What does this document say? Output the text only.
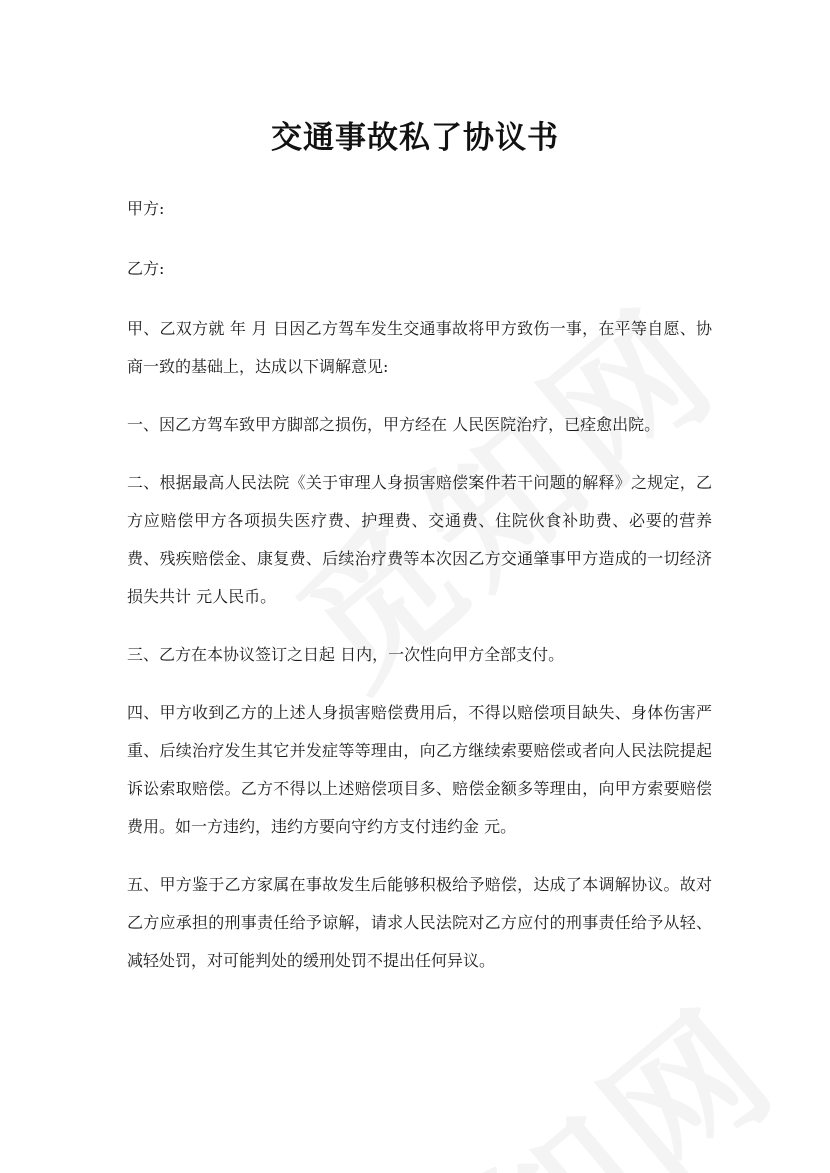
交通事故私了协议书

甲方:

乙方:

甲、乙双方就 年 月 日因乙方驾车发生交通事故将甲方致伤一事，在平等自愿、协商一致的基础上，达成以下调解意见:

一、因乙方驾车致甲方脚部之损伤，甲方经在 人民医院治疗，已痊愈出院。

二、根据最高人民法院《关于审理人身损害赔偿案件若干问题的解释》之规定，乙方应赔偿甲方各项损失医疗费、护理费、交通费、住院伙食补助费、必要的营养费、残疾赔偿金、康复费、后续治疗费等本次因乙方交通肇事甲方造成的一切经济损失共计 元人民币。

三、乙方在本协议签订之日起 日内，一次性向甲方全部支付。

四、甲方收到乙方的上述人身损害赔偿费用后，不得以赔偿项目缺失、身体伤害严重、后续治疗发生其它并发症等等理由，向乙方继续索要赔偿或者向人民法院提起诉讼索取赔偿。乙方不得以上述赔偿项目多、赔偿金额多等理由，向甲方索要赔偿费用。如一方违约，违约方要向守约方支付违约金 元。

五、甲方鉴于乙方家属在事故发生后能够积极给予赔偿，达成了本调解协议。故对乙方应承担的刑事责任给予谅解，请求人民法院对乙方应付的刑事责任给予从轻、减轻处罚，对可能判处的缓刑处罚不提出任何异议。
